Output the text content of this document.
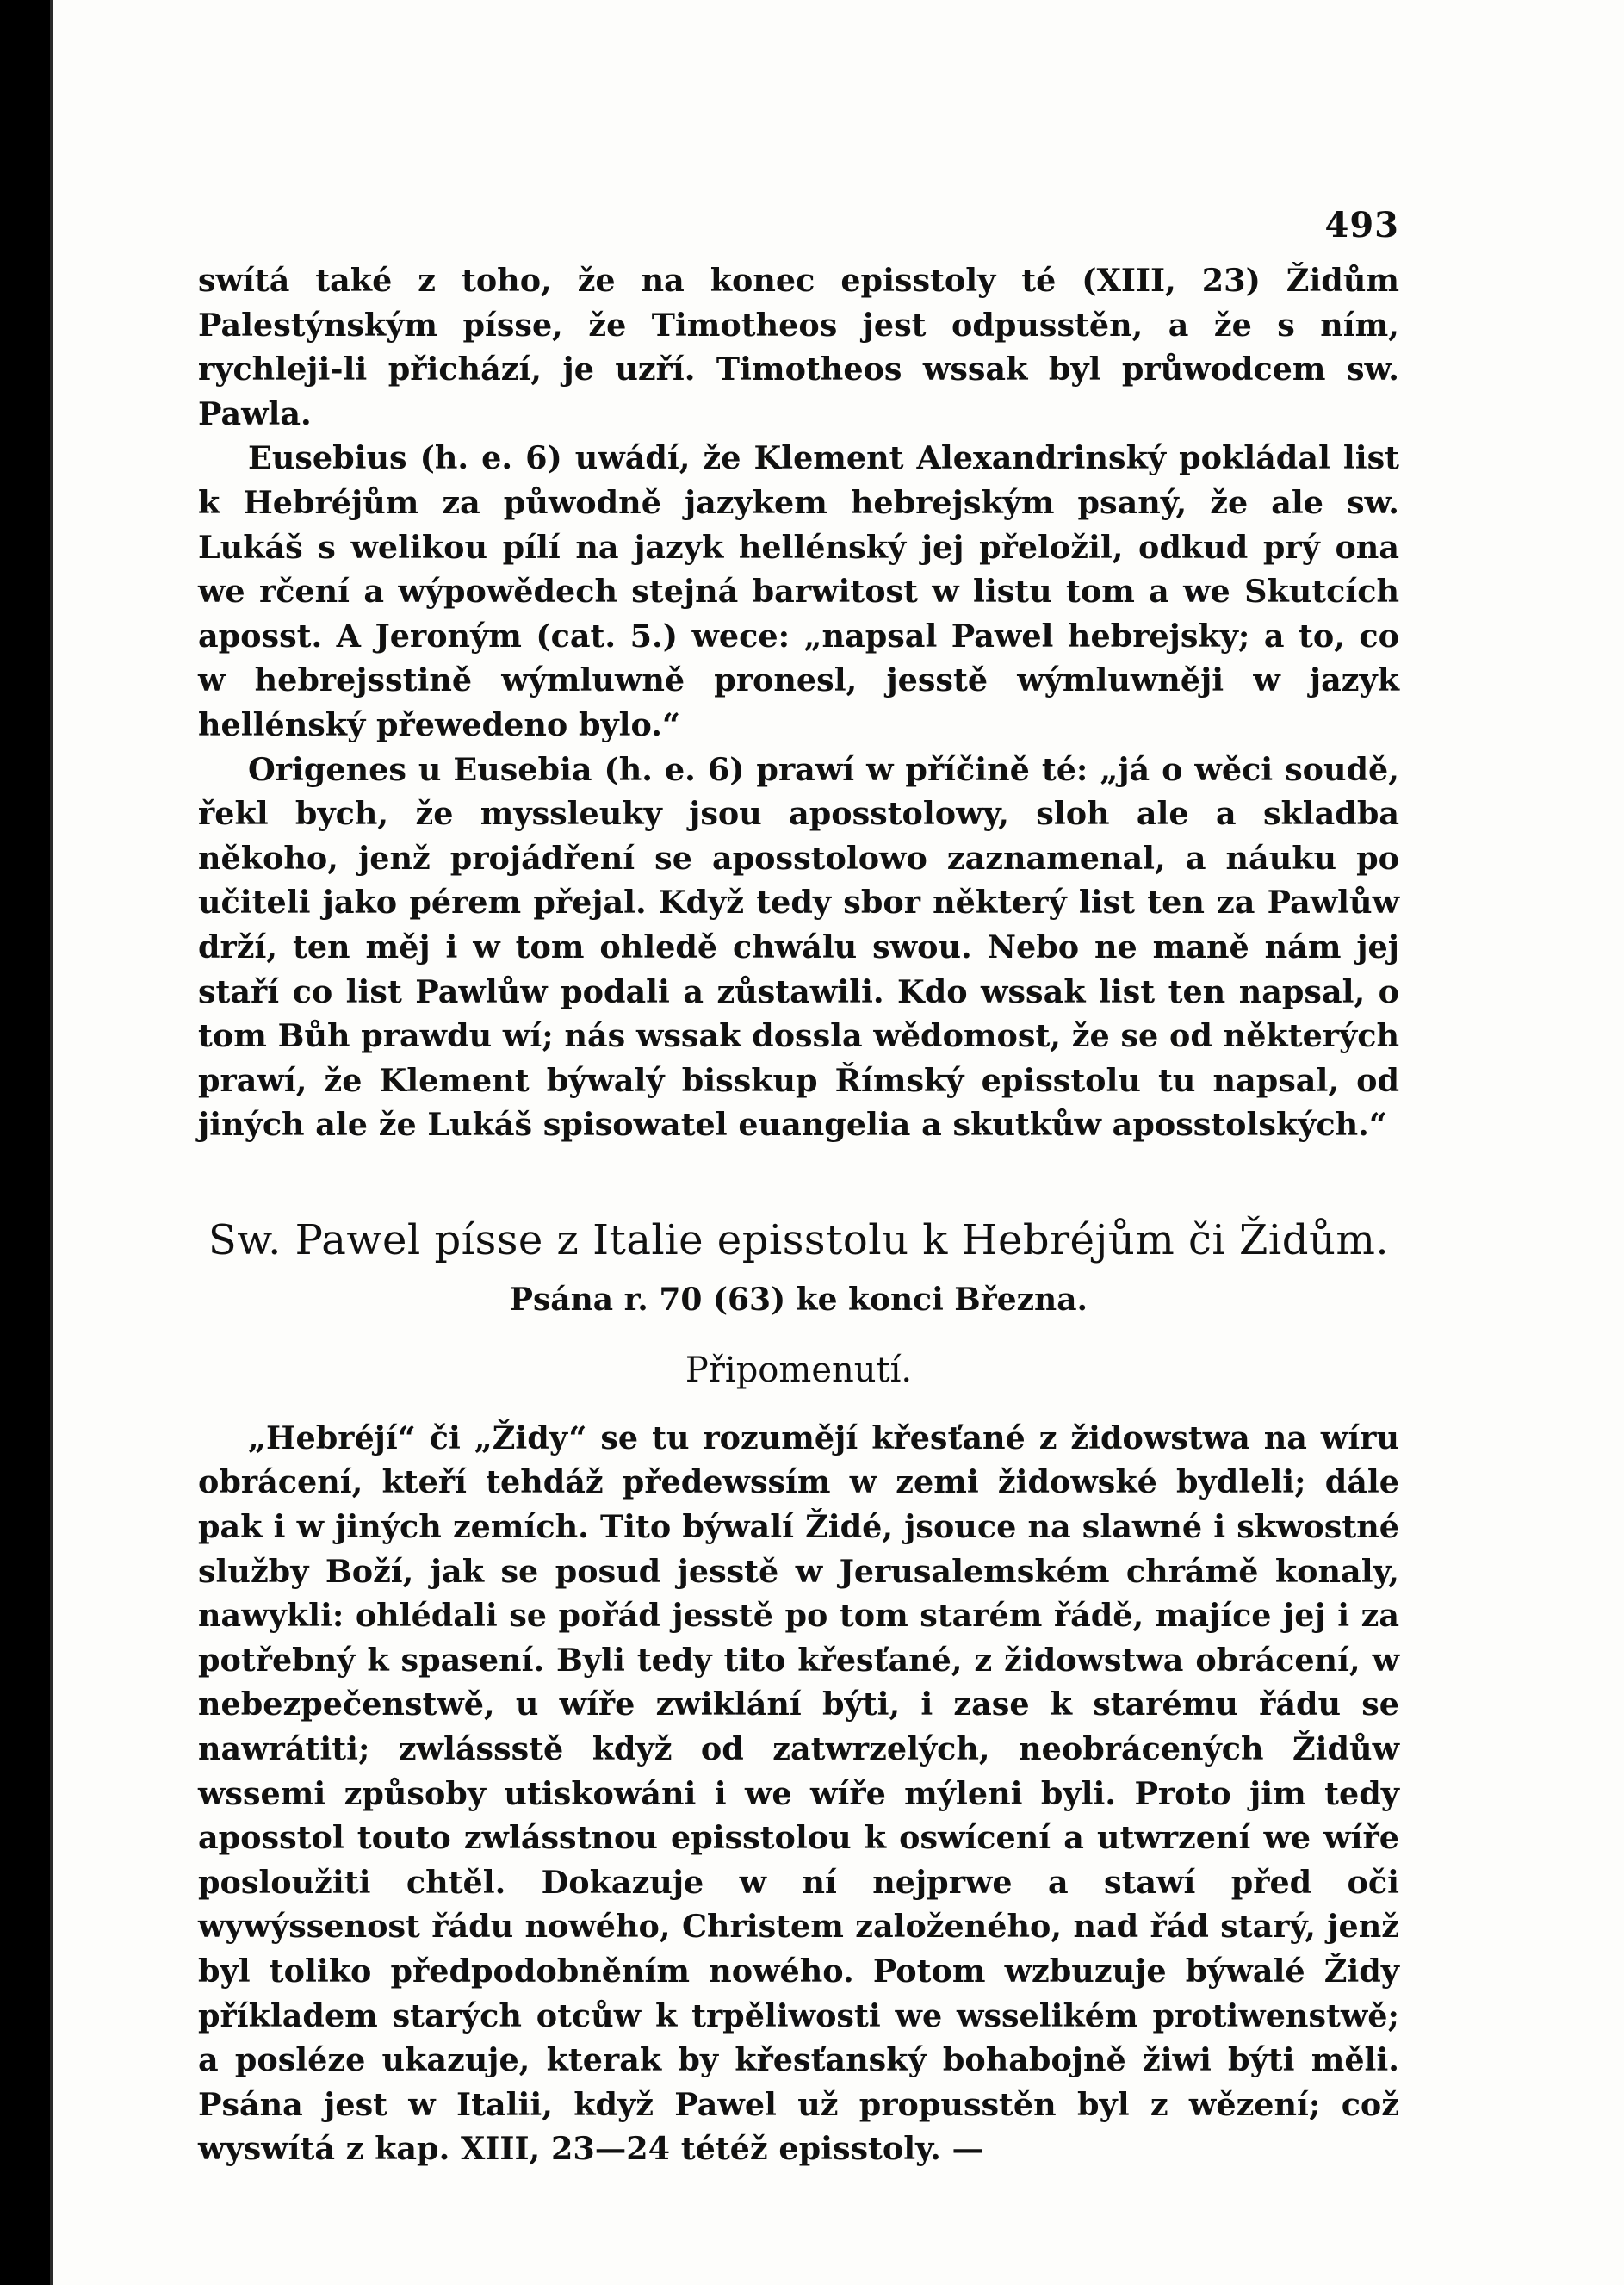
493

swítá také z toho, že na konec episstoly té (XIII, 23) Židům Palestýnským písse, že Timotheos jest odpusstěn, a že s ním, rychleji-li přichází, je uzří. Timotheos wssak byl průwodcem sw. Pawla.

Eusebius (h. e. 6) uwádí, že Klement Alexandrinský pokládal list k Hebréjům za půwodně jazykem hebrejským psaný, že ale sw. Lukáš s welikou pílí na jazyk hellénský jej přeložil, odkud prý ona we rčení a wýpowědech stejná barwitost w listu tom a we Skutcích aposst. A Jeroným (cat. 5.) wece: „napsal Pawel hebrejsky; a to, co w hebrejsstině wýmluwně pronesl, jesstě wýmluwněji w jazyk hellénský přewedeno bylo.“

Origenes u Eusebia (h. e. 6) prawí w příčině té: „já o wěci soudě, řekl bych, že myssleuky jsou aposstolowy, sloh ale a skladba někoho, jenž projádření se aposstolowo zaznamenal, a náuku po učiteli jako pérem přejal. Když tedy sbor některý list ten za Pawlůw drží, ten měj i w tom ohledě chwálu swou. Nebo ne maně nám jej staří co list Pawlůw podali a zůstawili. Kdo wssak list ten napsal, o tom Bůh prawdu wí; nás wssak dossla wědomost, že se od některých prawí, že Klement býwalý bisskup Římský episstolu tu napsal, od jiných ale že Lukáš spisowatel euangelia a skutkůw aposstolských.“

Sw. Pawel písse z Italie episstolu k Hebréjům či Židům.
Psána r. 70 (63) ke konci Března.
Připomenutí.

„Hebréjí“ či „Židy“ se tu rozumějí křesťané z židowstwa na wíru obrácení, kteří tehdáž předewssím w zemi židowské bydleli; dále pak i w jiných zemích. Tito býwalí Židé, jsouce na slawné i skwostné služby Boží, jak se posud jesstě w Jerusalemském chrámě konaly, nawykli: ohlédali se pořád jesstě po tom starém řádě, majíce jej i za potřebný k spasení. Byli tedy tito křesťané, z židowstwa obrácení, w nebezpečenstwě, u wíře zwiklání býti, i zase k starému řádu se nawrátiti; zwlássstě když od zatwrzelých, neobrácených Židůw wssemi způsoby utiskowáni i we wíře mýleni byli. Proto jim tedy aposstol touto zwlásstnou episstolou k oswícení a utwrzení we wíře posloužiti chtěl. Dokazuje w ní nejprwe a stawí před oči wywýssenost řádu nowého, Christem založeného, nad řád starý, jenž byl toliko předpodobněním nowého. Potom wzbuzuje býwalé Židy příkladem starých otcůw k trpěliwosti we wsselikém protiwenstwě; a posléze ukazuje, kterak by křesťanský bohabojně žiwi býti měli. Psána jest w Italii, když Pawel už propusstěn byl z wězení; což wyswítá z kap. XIII, 23—24 tétéž episstoly. —
